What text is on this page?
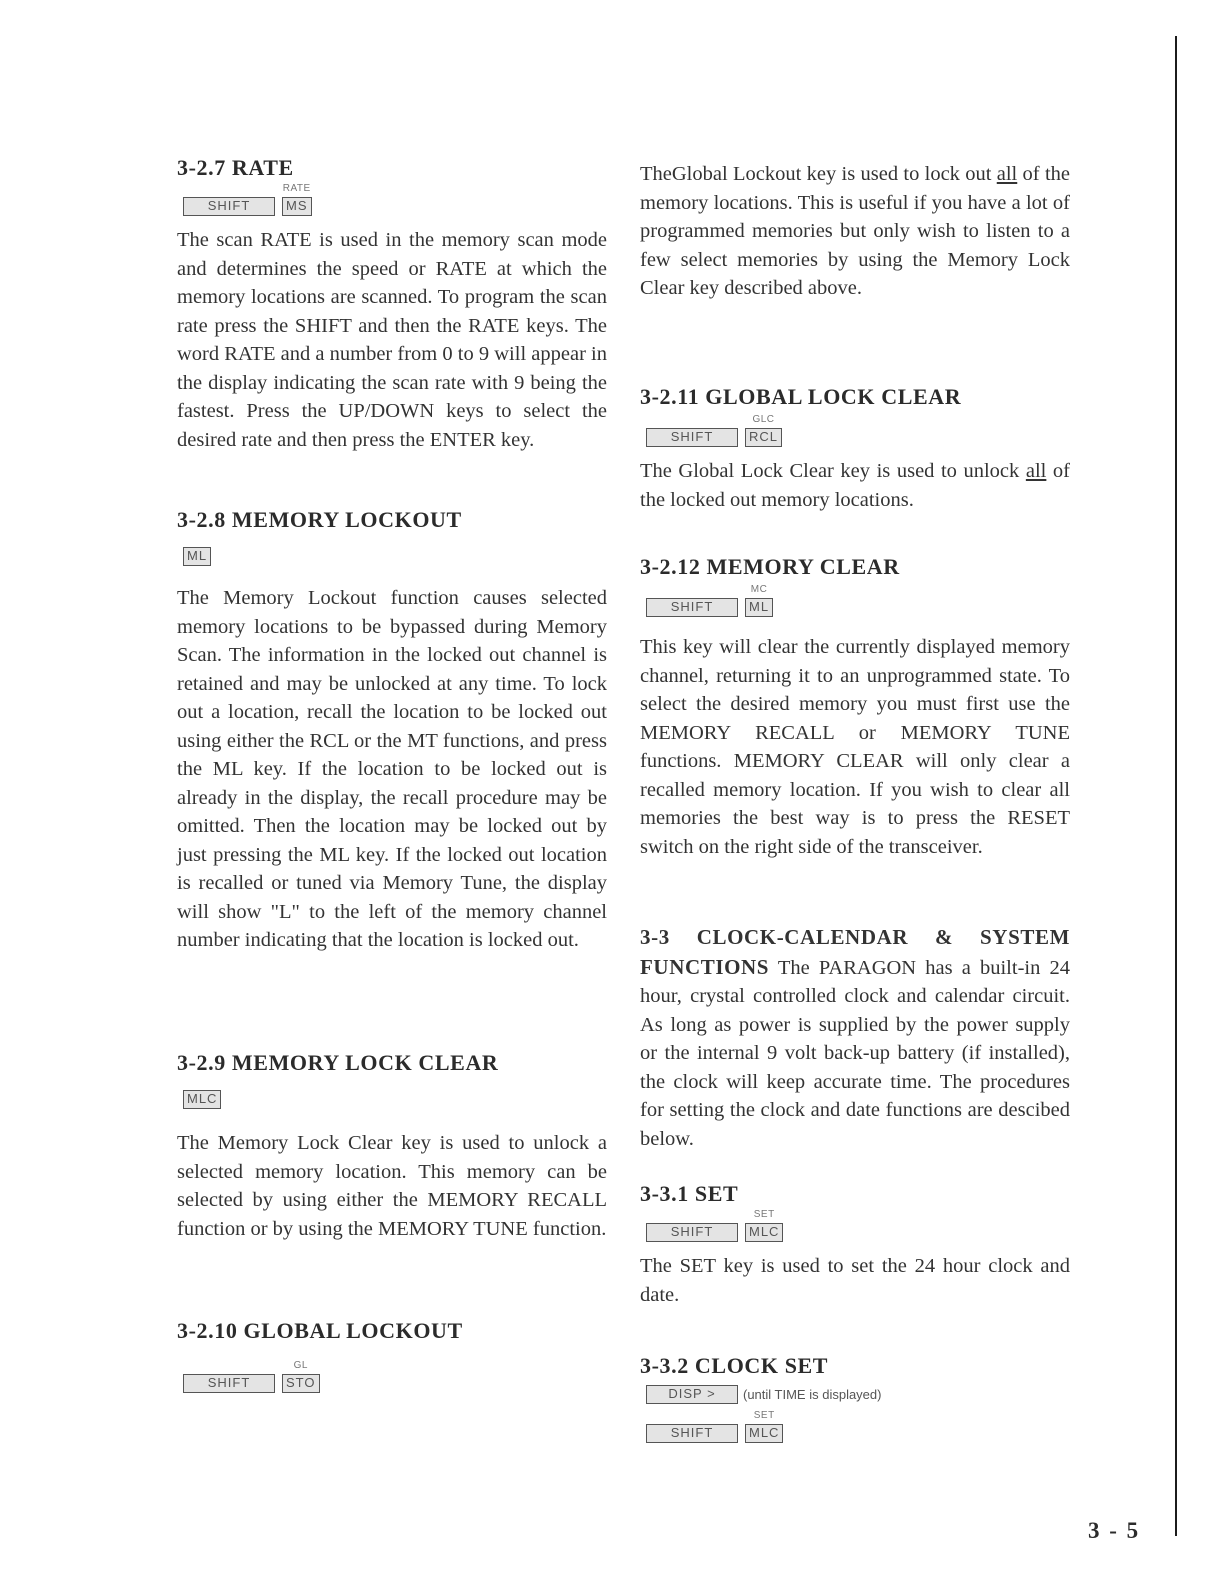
3-2.7 RATE

SHIFT
RATE
MS

The scan RATE is used in the memory scan mode and determines the speed or RATE at which the memory locations are scanned. To program the scan rate press the SHIFT and then the RATE keys. The word RATE and a number from 0 to 9 will appear in the display indicating the scan rate with 9 being the fastest. Press the UP/DOWN keys to select the desired rate and then press the ENTER key.

3-2.8 MEMORY LOCKOUT

ML

The Memory Lockout function causes selected memory locations to be bypassed during Memory Scan. The information in the locked out channel is retained and may be unlocked at any time. To lock out a location, recall the location to be locked out using either the RCL or the MT functions, and press the ML key. If the location to be locked out is already in the display, the recall procedure may be omitted. Then the location may be locked out by just pressing the ML key. If the locked out location is recalled or tuned via Memory Tune, the display will show "L" to the left of the memory channel number indicating that the location is locked out.

3-2.9 MEMORY LOCK CLEAR

MLC

The Memory Lock Clear key is used to unlock a selected memory location. This memory can be selected by using either the MEMORY RECALL function or by using the MEMORY TUNE function.

3-2.10 GLOBAL LOCKOUT

SHIFT
GL
STO

TheGlobal Lockout key is used to lock out all of the memory locations. This is useful if you have a lot of programmed memories but only wish to listen to a few select memories by using the Memory Lock Clear key described above.

3-2.11 GLOBAL LOCK CLEAR

SHIFT
GLC
RCL

The Global Lock Clear key is used to unlock all of the locked out memory locations.

3-2.12 MEMORY CLEAR

SHIFT
MC
ML

This key will clear the currently displayed memory channel, returning it to an unprogrammed state. To select the desired memory you must first use the MEMORY RECALL or MEMORY TUNE functions. MEMORY CLEAR will only clear a recalled memory location. If you wish to clear all memories the best way is to press the RESET switch on the right side of the transceiver.

3-3 CLOCK-CALENDAR & SYSTEM FUNCTIONS The PARAGON has a built-in 24 hour, crystal controlled clock and calendar circuit. As long as power is supplied by the power supply or the internal 9 volt back-up battery (if installed), the clock will keep accurate time. The procedures for setting the clock and date functions are descibed below.

3-3.1 SET

SHIFT
SET
MLC

The SET key is used to set the 24 hour clock and date.

3-3.2 CLOCK SET

DISP >	(until TIME is displayed)
SHIFT
SET
MLC
3 - 5
